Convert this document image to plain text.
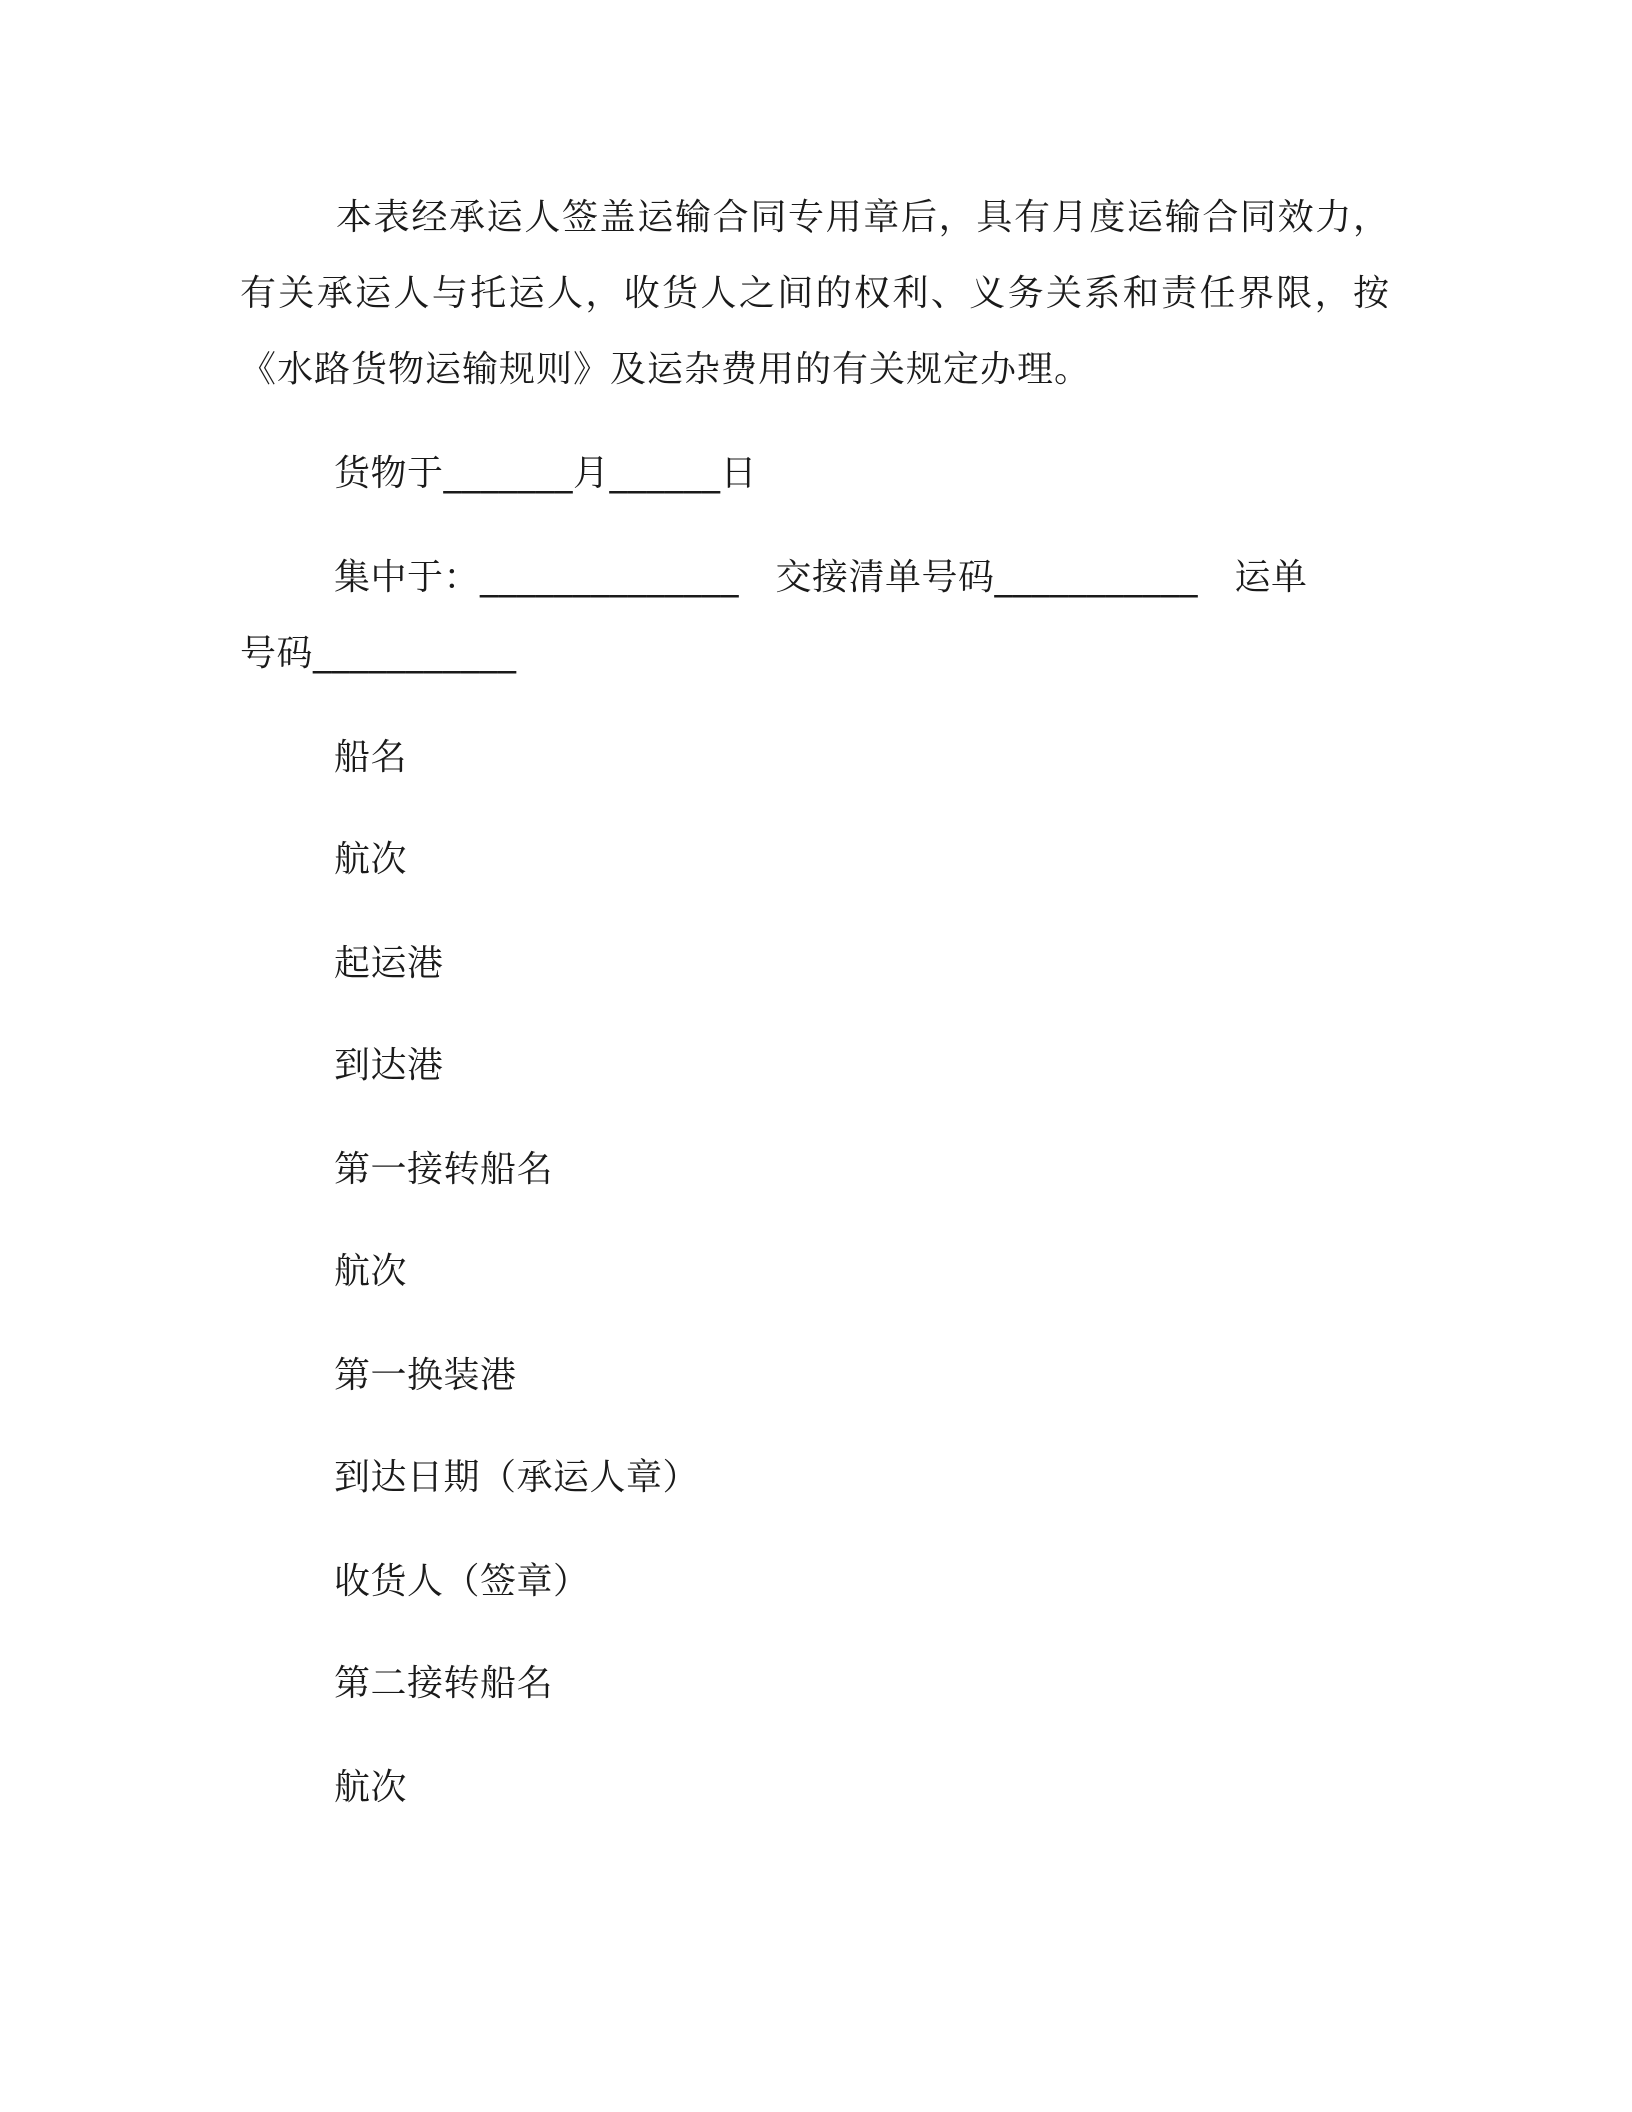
本表经承运人签盖运输合同专用章后，具有月度运输合同效力，有关承运人与托运人，收货人之间的权利、义务关系和责任界限，按《水路货物运输规则》及运杂费用的有关规定办理。
货物于_______月______日
集中于：______________　交接清单号码___________　运单
号码___________
船名
航次
起运港
到达港
第一接转船名
航次
第一换装港
到达日期（承运人章）
收货人（签章）
第二接转船名
航次
